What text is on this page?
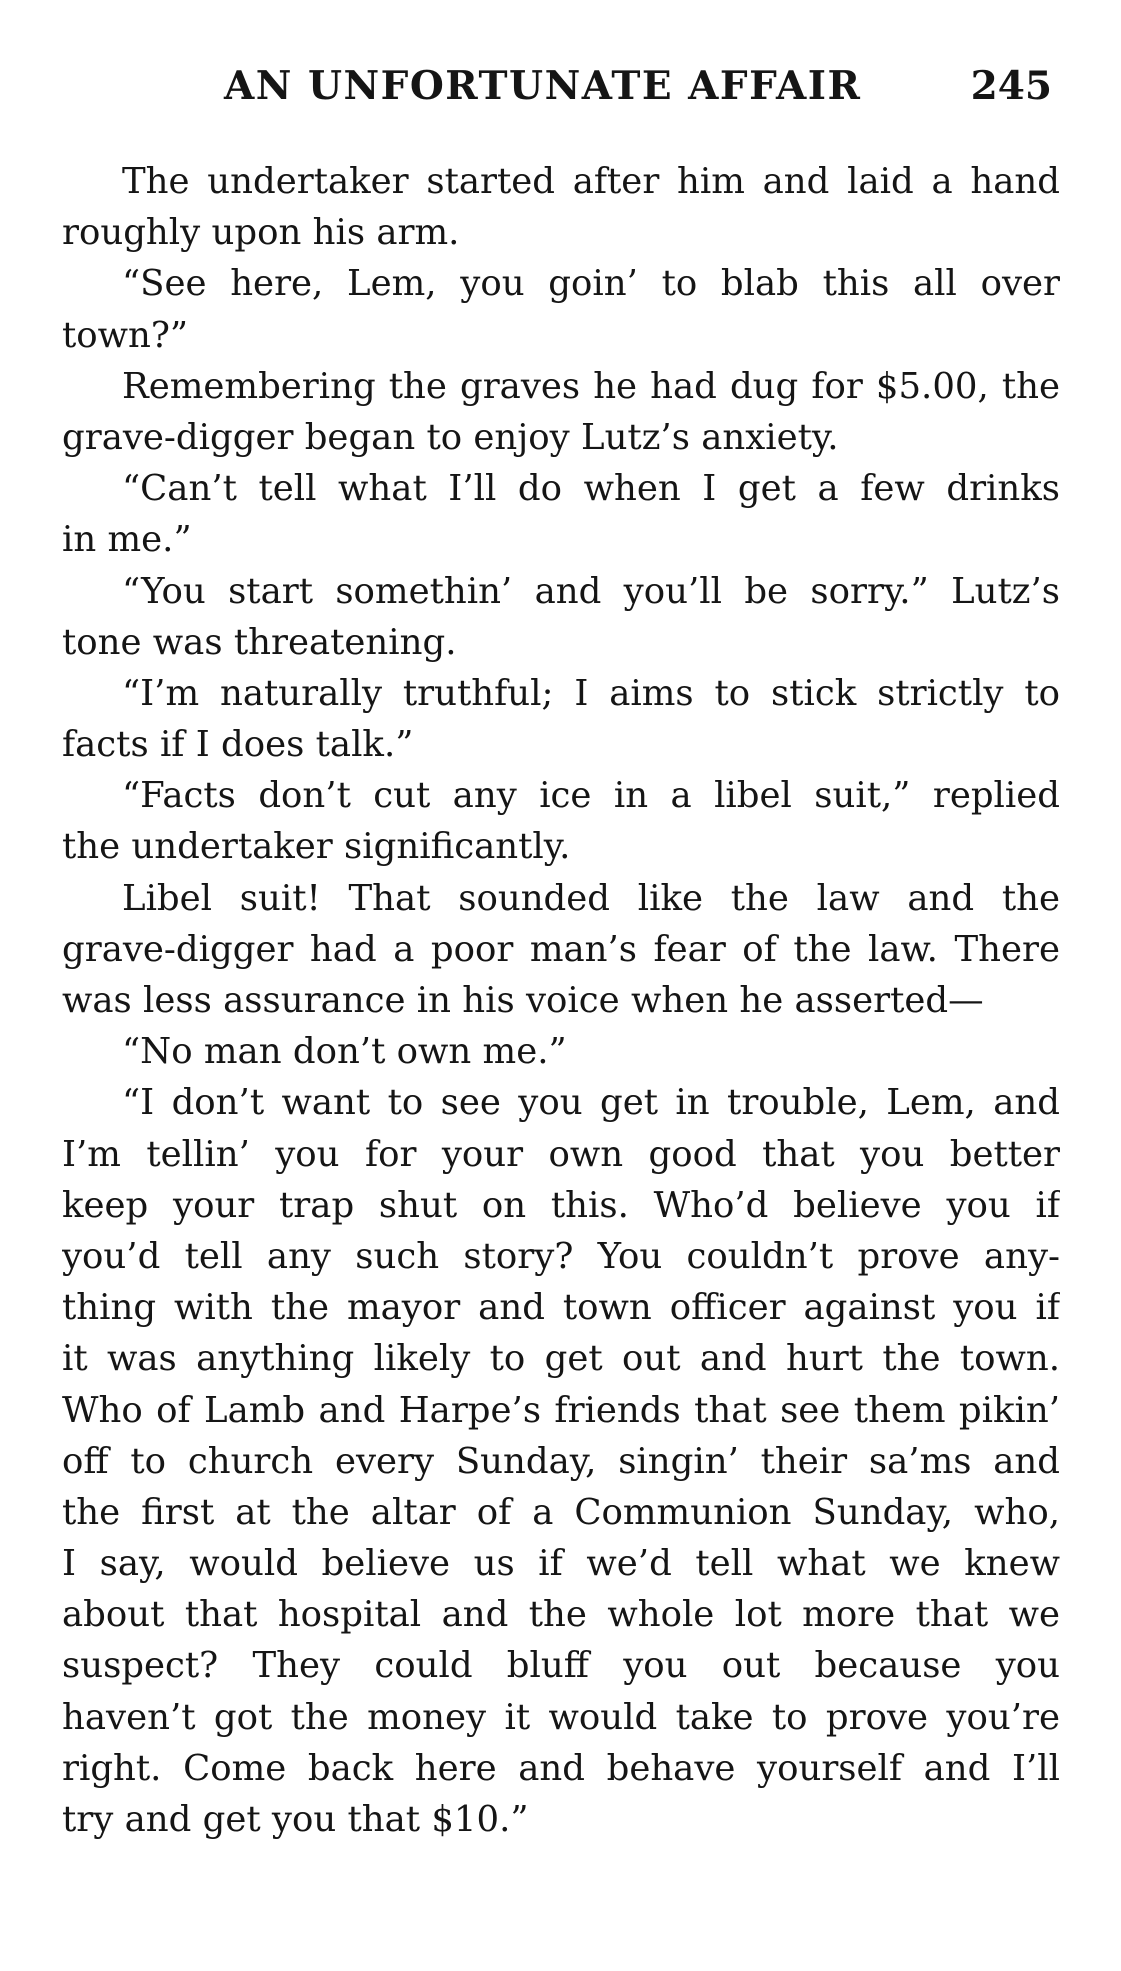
AN UNFORTUNATE AFFAIR	245

The undertaker started after him and laid a hand
roughly upon his arm.

“See here, Lem, you goin’ to blab this all over
town?”

Remembering the graves he had dug for $5.00, the
grave-digger began to enjoy Lutz’s anxiety.

“Can’t tell what I’ll do when I get a few drinks
in me.”

“You start somethin’ and you’ll be sorry.” Lutz’s
tone was threatening.

“I’m naturally truthful; I aims to stick strictly to
facts if I does talk.”

“Facts don’t cut any ice in a libel suit,” replied
the undertaker significantly.

Libel suit! That sounded like the law and the
grave-digger had a poor man’s fear of the law. There
was less assurance in his voice when he asserted—

“No man don’t own me.”

“I don’t want to see you get in trouble, Lem, and
I’m tellin’ you for your own good that you better
keep your trap shut on this. Who’d believe you if
you’d tell any such story? You couldn’t prove any-
thing with the mayor and town officer against you if
it was anything likely to get out and hurt the town.
Who of Lamb and Harpe’s friends that see them pikin’
off to church every Sunday, singin’ their sa’ms and
the first at the altar of a Communion Sunday, who,
I say, would believe us if we’d tell what we knew
about that hospital and the whole lot more that we
suspect? They could bluff you out because you
haven’t got the money it would take to prove you’re
right. Come back here and behave yourself and I’ll
try and get you that $10.”
